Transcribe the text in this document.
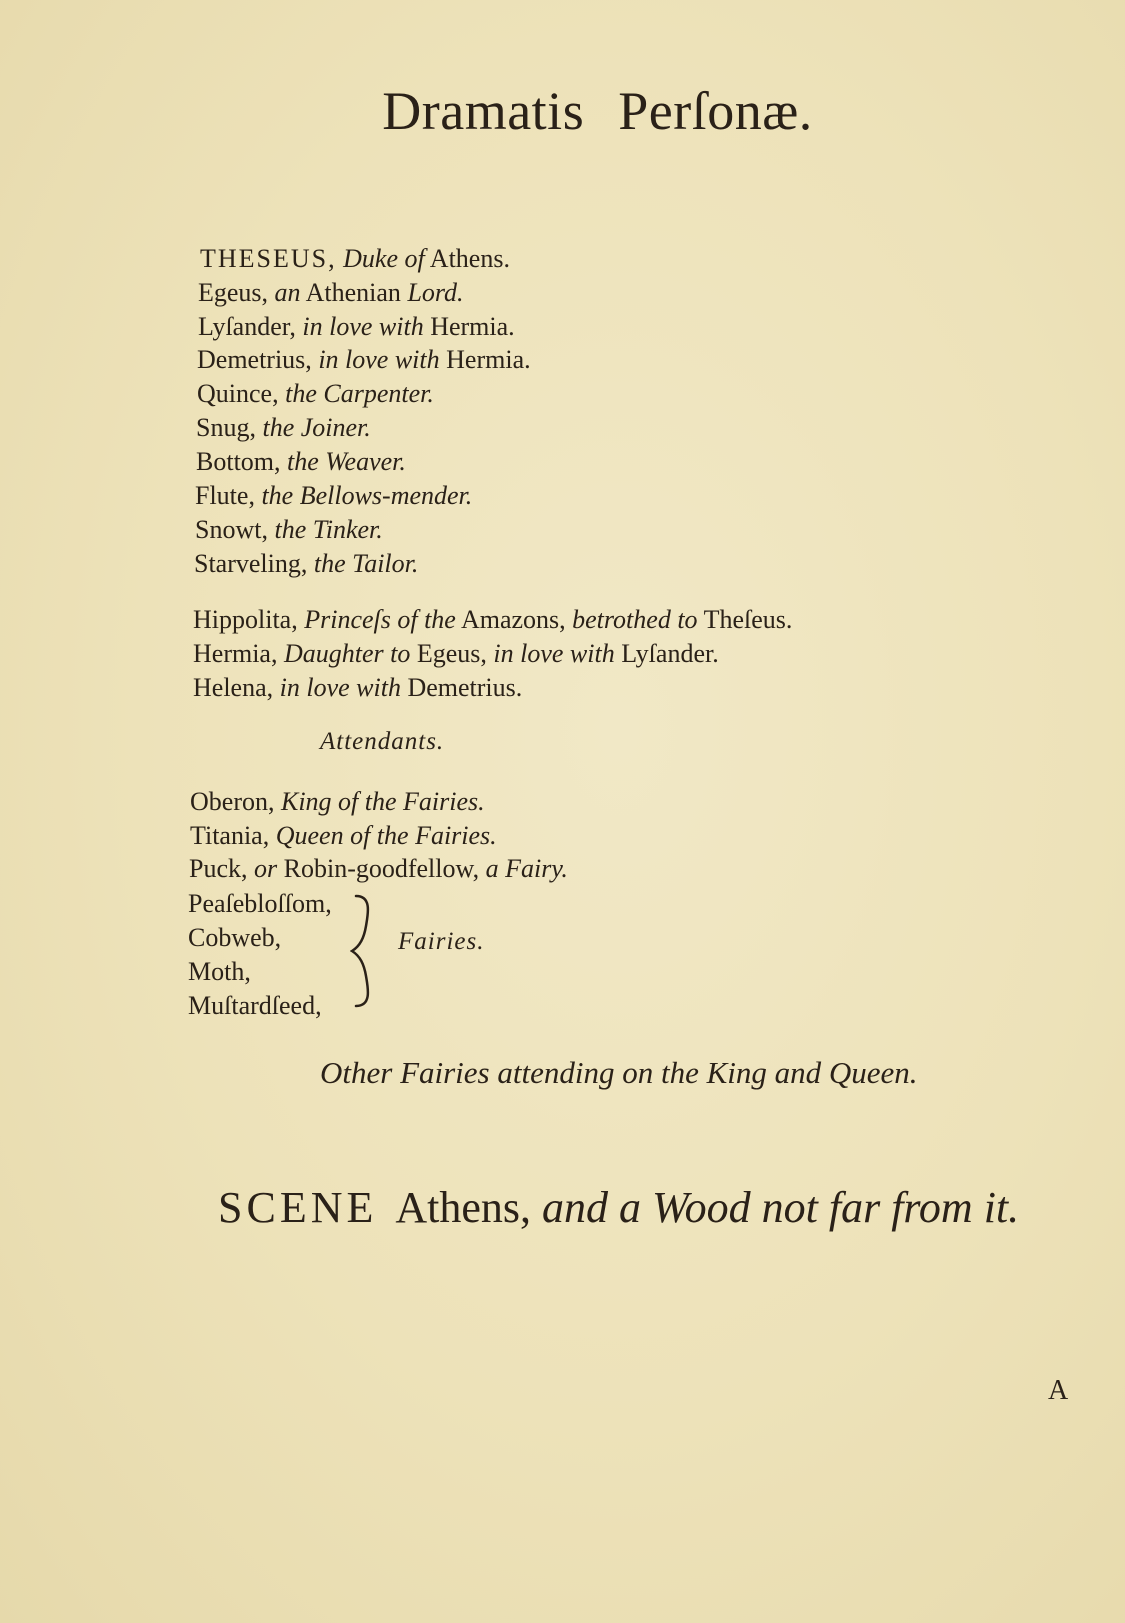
Dramatis Perſonæ.
THESEUS, Duke of Athens.
Egeus, an Athenian Lord.
Lyſander, in love with Hermia.
Demetrius, in love with Hermia.
Quince, the Carpenter.
Snug, the Joiner.
Bottom, the Weaver.
Flute, the Bellows-mender.
Snowt, the Tinker.
Starveling, the Tailor.
Hippolita, Princeſs of the Amazons, betrothed to Theſeus.
Hermia, Daughter to Egeus, in love with Lyſander.
Helena, in love with Demetrius.
Attendants.
Oberon, King of the Fairies.
Titania, Queen of the Fairies.
Puck, or Robin-goodfellow, a Fairy.
Peaſebloſſom,
Cobweb,
Moth,
Muſtardſeed,
Fairies.
Other Fairies attending on the King and Queen.
SCENE Athens, and a Wood not far from it.
A
